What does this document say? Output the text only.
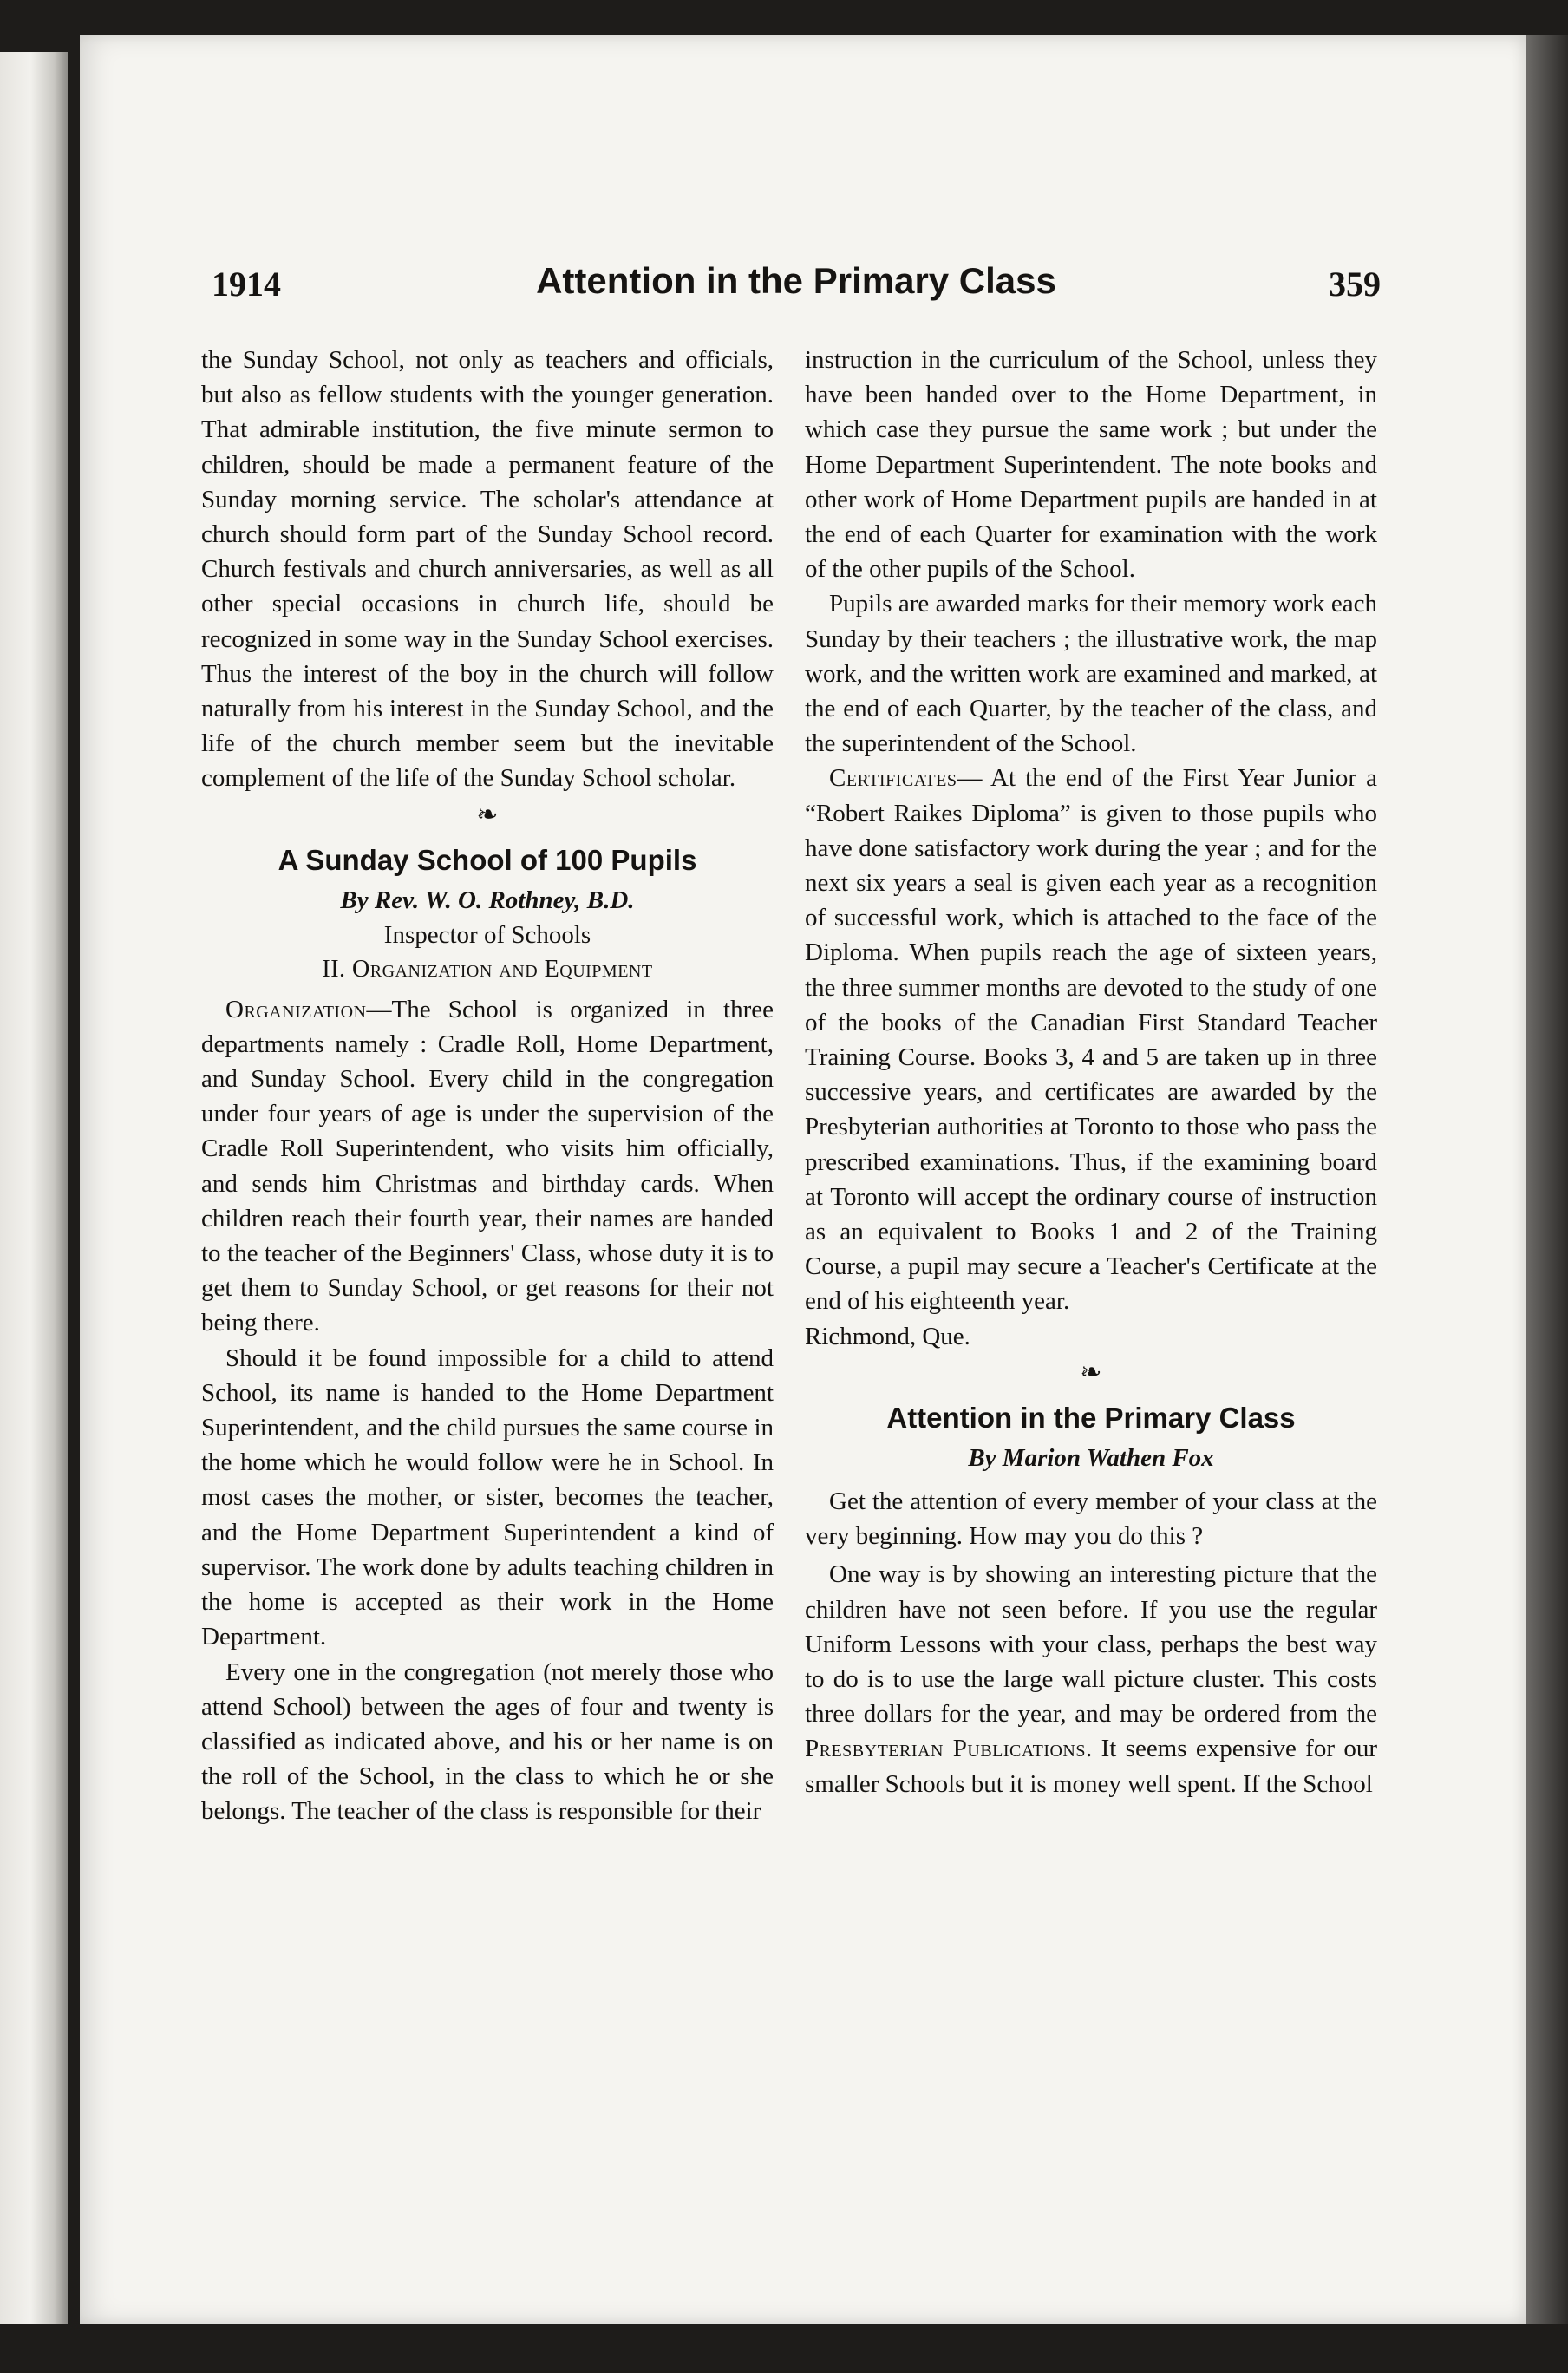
1914	Attention in the Primary Class	359

the Sunday School, not only as teachers and officials, but also as fellow students with the younger generation. That admirable institution, the five minute sermon to children, should be made a permanent feature of the Sunday morning service. The scholar's attendance at church should form part of the Sunday School record. Church festivals and church anniversaries, as well as all other special occasions in church life, should be recognized in some way in the Sunday School exercises. Thus the interest of the boy in the church will follow naturally from his interest in the Sunday School, and the life of the church member seem but the inevitable complement of the life of the Sunday School scholar.

❧
A Sunday School of 100 Pupils
By Rev. W. O. Rothney, B.D.
Inspector of Schools
II. Organization and Equipment

Organization—The School is organized in three departments namely : Cradle Roll, Home Department, and Sunday School. Every child in the congregation under four years of age is under the supervision of the Cradle Roll Superintendent, who visits him officially, and sends him Christmas and birthday cards. When children reach their fourth year, their names are handed to the teacher of the Beginners' Class, whose duty it is to get them to Sunday School, or get reasons for their not being there.

Should it be found impossible for a child to attend School, its name is handed to the Home Department Superintendent, and the child pursues the same course in the home which he would follow were he in School. In most cases the mother, or sister, becomes the teacher, and the Home Department Superintendent a kind of supervisor. The work done by adults teaching children in the home is accepted as their work in the Home Department.

Every one in the congregation (not merely those who attend School) between the ages of four and twenty is classified as indicated above, and his or her name is on the roll of the School, in the class to which he or she belongs. The teacher of the class is responsible for their

instruction in the curriculum of the School, unless they have been handed over to the Home Department, in which case they pursue the same work ; but under the Home Department Superintendent. The note books and other work of Home Department pupils are handed in at the end of each Quarter for examination with the work of the other pupils of the School.

Pupils are awarded marks for their memory work each Sunday by their teachers ; the illustrative work, the map work, and the written work are examined and marked, at the end of each Quarter, by the teacher of the class, and the superintendent of the School.

Certificates— At the end of the First Year Junior a “Robert Raikes Diploma” is given to those pupils who have done satisfactory work during the year ; and for the next six years a seal is given each year as a recognition of successful work, which is attached to the face of the Diploma. When pupils reach the age of sixteen years, the three summer months are devoted to the study of one of the books of the Canadian First Standard Teacher Training Course. Books 3, 4 and 5 are taken up in three successive years, and certificates are awarded by the Presbyterian authorities at Toronto to those who pass the prescribed examinations. Thus, if the examining board at Toronto will accept the ordinary course of instruction as an equivalent to Books 1 and 2 of the Training Course, a pupil may secure a Teacher's Certificate at the end of his eighteenth year.

Richmond, Que.

❧
Attention in the Primary Class
By Marion Wathen Fox

Get the attention of every member of your class at the very beginning. How may you do this ?

One way is by showing an interesting picture that the children have not seen before. If you use the regular Uniform Lessons with your class, perhaps the best way to do is to use the large wall picture cluster. This costs three dollars for the year, and may be ordered from the Presbyterian Publications. It seems expensive for our smaller Schools but it is money well spent. If the School
